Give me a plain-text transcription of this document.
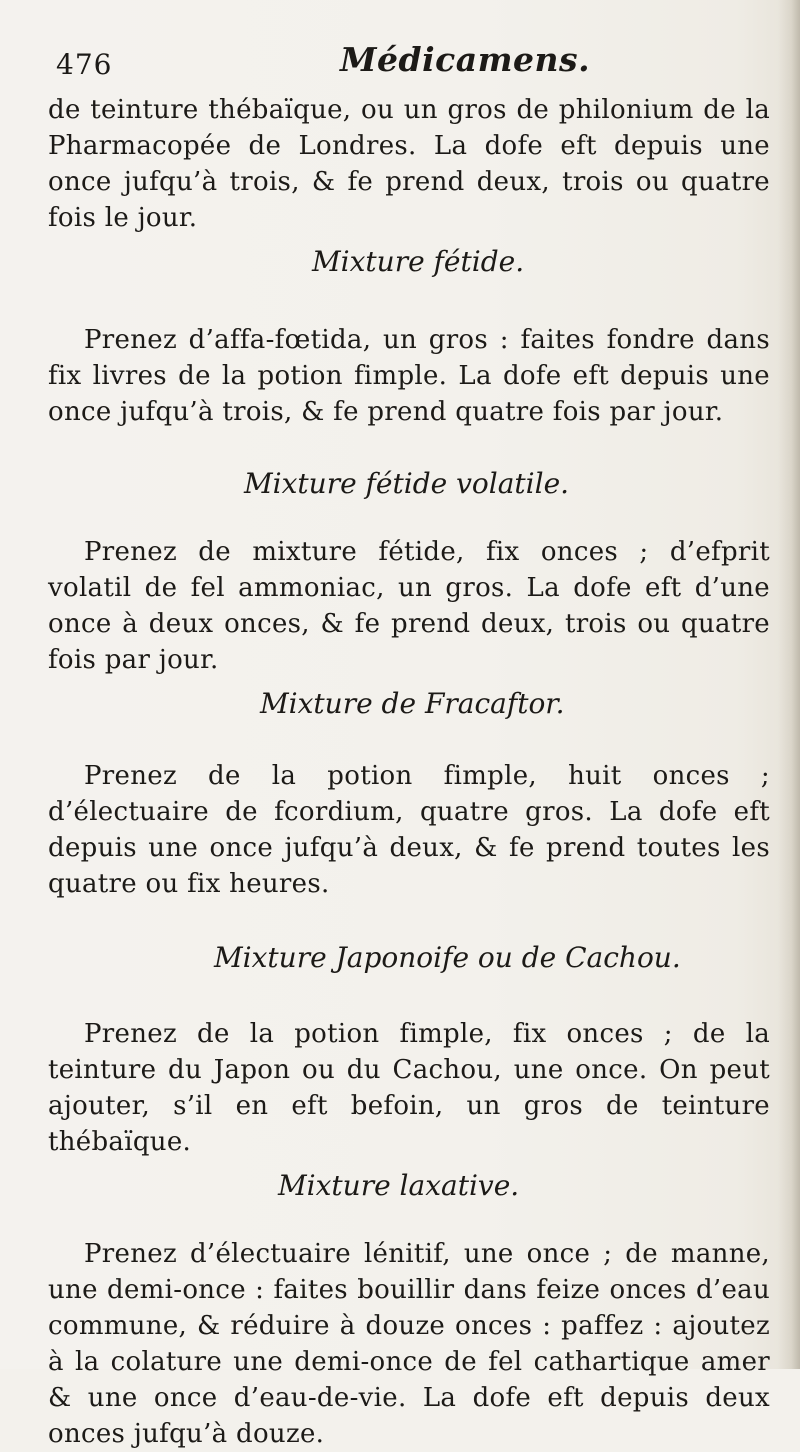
476	Médicamens.

de teinture thébaïque, ou un gros de philonium de la Pharmacopée de Londres. La dofe eft depuis une once jufqu’à trois, & fe prend deux, trois ou quatre fois le jour.

Mixture fétide.

Prenez d’affa-fœtida, un gros : faites fondre dans fix livres de la potion fimple. La dofe eft depuis une once jufqu’à trois, & fe prend quatre fois par jour.

Mixture fétide volatile.

Prenez de mixture fétide, fix onces ; d’efprit volatil de fel ammoniac, un gros. La dofe eft d’une once à deux onces, & fe prend deux, trois ou quatre fois par jour.

Mixture de Fracaftor.

Prenez de la potion fimple, huit onces ; d’électuaire de fcordium, quatre gros. La dofe eft depuis une once jufqu’à deux, & fe prend toutes les quatre ou fix heures.

Mixture Japonoife ou de Cachou.

Prenez de la potion fimple, fix onces ; de la teinture du Japon ou du Cachou, une once. On peut ajouter, s’il en eft befoin, un gros de teinture thébaïque.

Mixture laxative.

Prenez d’électuaire lénitif, une once ; de manne, une demi-once : faites bouillir dans feize onces d’eau commune, & réduire à douze onces : paffez : ajoutez à la colature une demi-once de fel cathartique amer & une once d’eau-de-vie. La dofe eft depuis deux onces jufqu’à douze.
